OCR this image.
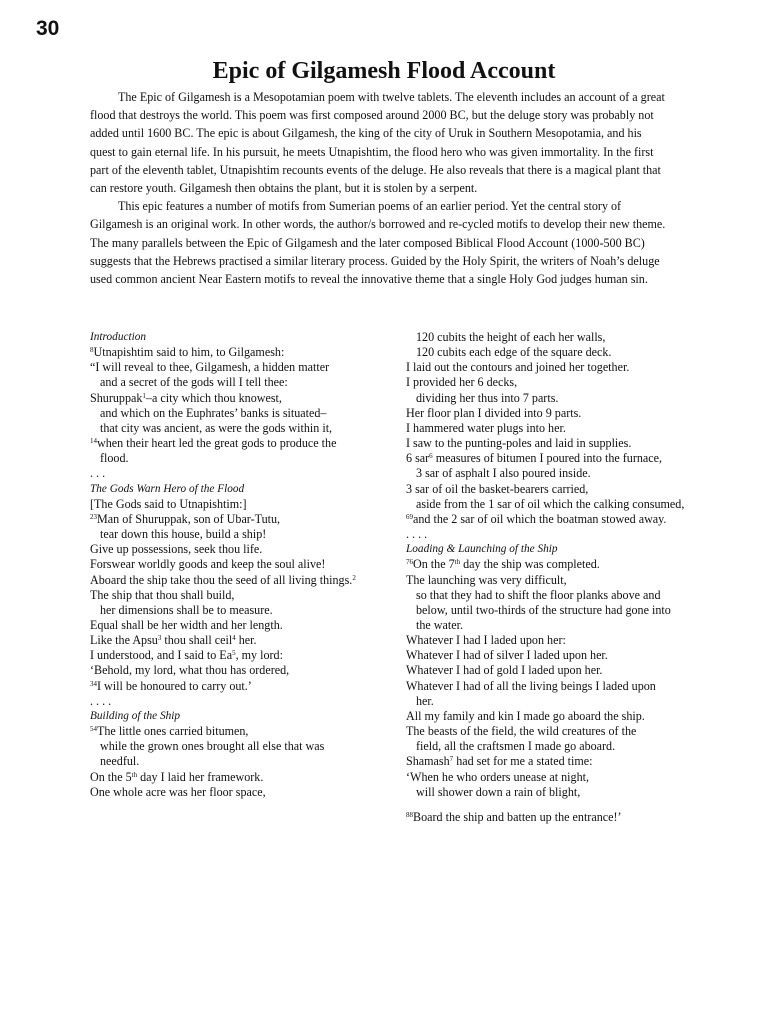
30
Epic of Gilgamesh Flood Account

The Epic of Gilgamesh is a Mesopotamian poem with twelve tablets. The eleventh includes an account of a great flood that destroys the world. This poem was first composed around 2000 BC, but the deluge story was probably not added until 1600 BC. The epic is about Gilgamesh, the king of the city of Uruk in Southern Mesopotamia, and his quest to gain eternal life. In his pursuit, he meets Utnapishtim, the flood hero who was given immortality. In the first part of the eleventh tablet, Utnapishtim recounts events of the deluge. He also reveals that there is a magical plant that can restore youth. Gilgamesh then obtains the plant, but it is stolen by a serpent.

This epic features a number of motifs from Sumerian poems of an earlier period. Yet the central story of Gilgamesh is an original work. In other words, the author/s borrowed and re-cycled motifs to develop their new theme. The many parallels between the Epic of Gilgamesh and the later composed Biblical Flood Account (1000-500 BC) suggests that the Hebrews practised a similar literary process. Guided by the Holy Spirit, the writers of Noah’s deluge used common ancient Near Eastern motifs to reveal the innovative theme that a single Holy God judges human sin.

Introduction
$^8$Utnapishtim said to him, to Gilgamesh:
“I will reveal to thee, Gilgamesh, a hidden matter
and a secret of the gods will I tell thee:
Shuruppak$^1$–a city which thou knowest,
and which on the Euphrates’ banks is situated–
that city was ancient, as were the gods within it,
$^{14}$when their heart led the great gods to produce the
flood.
. . .
The Gods Warn Hero of the Flood
[The Gods said to Utnapishtim:]
$^{23}$Man of Shuruppak, son of Ubar-Tutu,
tear down this house, build a ship!
Give up possessions, seek thou life.
Forswear worldly goods and keep the soul alive!
Aboard the ship take thou the seed of all living things.$^2$
The ship that thou shall build,
her dimensions shall be to measure.
Equal shall be her width and her length.
Like the Apsu$^3$ thou shall ceil$^4$ her.
I understood, and I said to Ea$^5$, my lord:
‘Behold, my lord, what thou has ordered,
$^{34}$I will be honoured to carry out.’
. . . .
Building of the Ship
$^{54}$The little ones carried bitumen,
while the grown ones brought all else that was
needful.
On the 5th day I laid her framework.
One whole acre was her floor space,
120 cubits the height of each her walls,
120 cubits each edge of the square deck.
I laid out the contours and joined her together.
I provided her 6 decks,
dividing her thus into 7 parts.
Her floor plan I divided into 9 parts.
I hammered water plugs into her.
I saw to the punting-poles and laid in supplies.
6 sar$^6$ measures of bitumen I poured into the furnace,
3 sar of asphalt I also poured inside.
3 sar of oil the basket-bearers carried,
aside from the 1 sar of oil which the calking consumed,
$^{69}$and the 2 sar of oil which the boatman stowed away.
. . . .
Loading & Launching of the Ship
$^{76}$On the 7th day the ship was completed.
The launching was very difficult,
so that they had to shift the floor planks above and
below, until two-thirds of the structure had gone into
the water.
Whatever I had I laded upon her:
Whatever I had of silver I laded upon her.
Whatever I had of gold I laded upon her.
Whatever I had of all the living beings I laded upon
her.
All my family and kin I made go aboard the ship.
The beasts of the field, the wild creatures of the
field, all the craftsmen I made go aboard.
Shamash$^7$ had set for me a stated time:
‘When he who orders unease at night,
will shower down a rain of blight,
$^{88}$Board the ship and batten up the entrance!’
